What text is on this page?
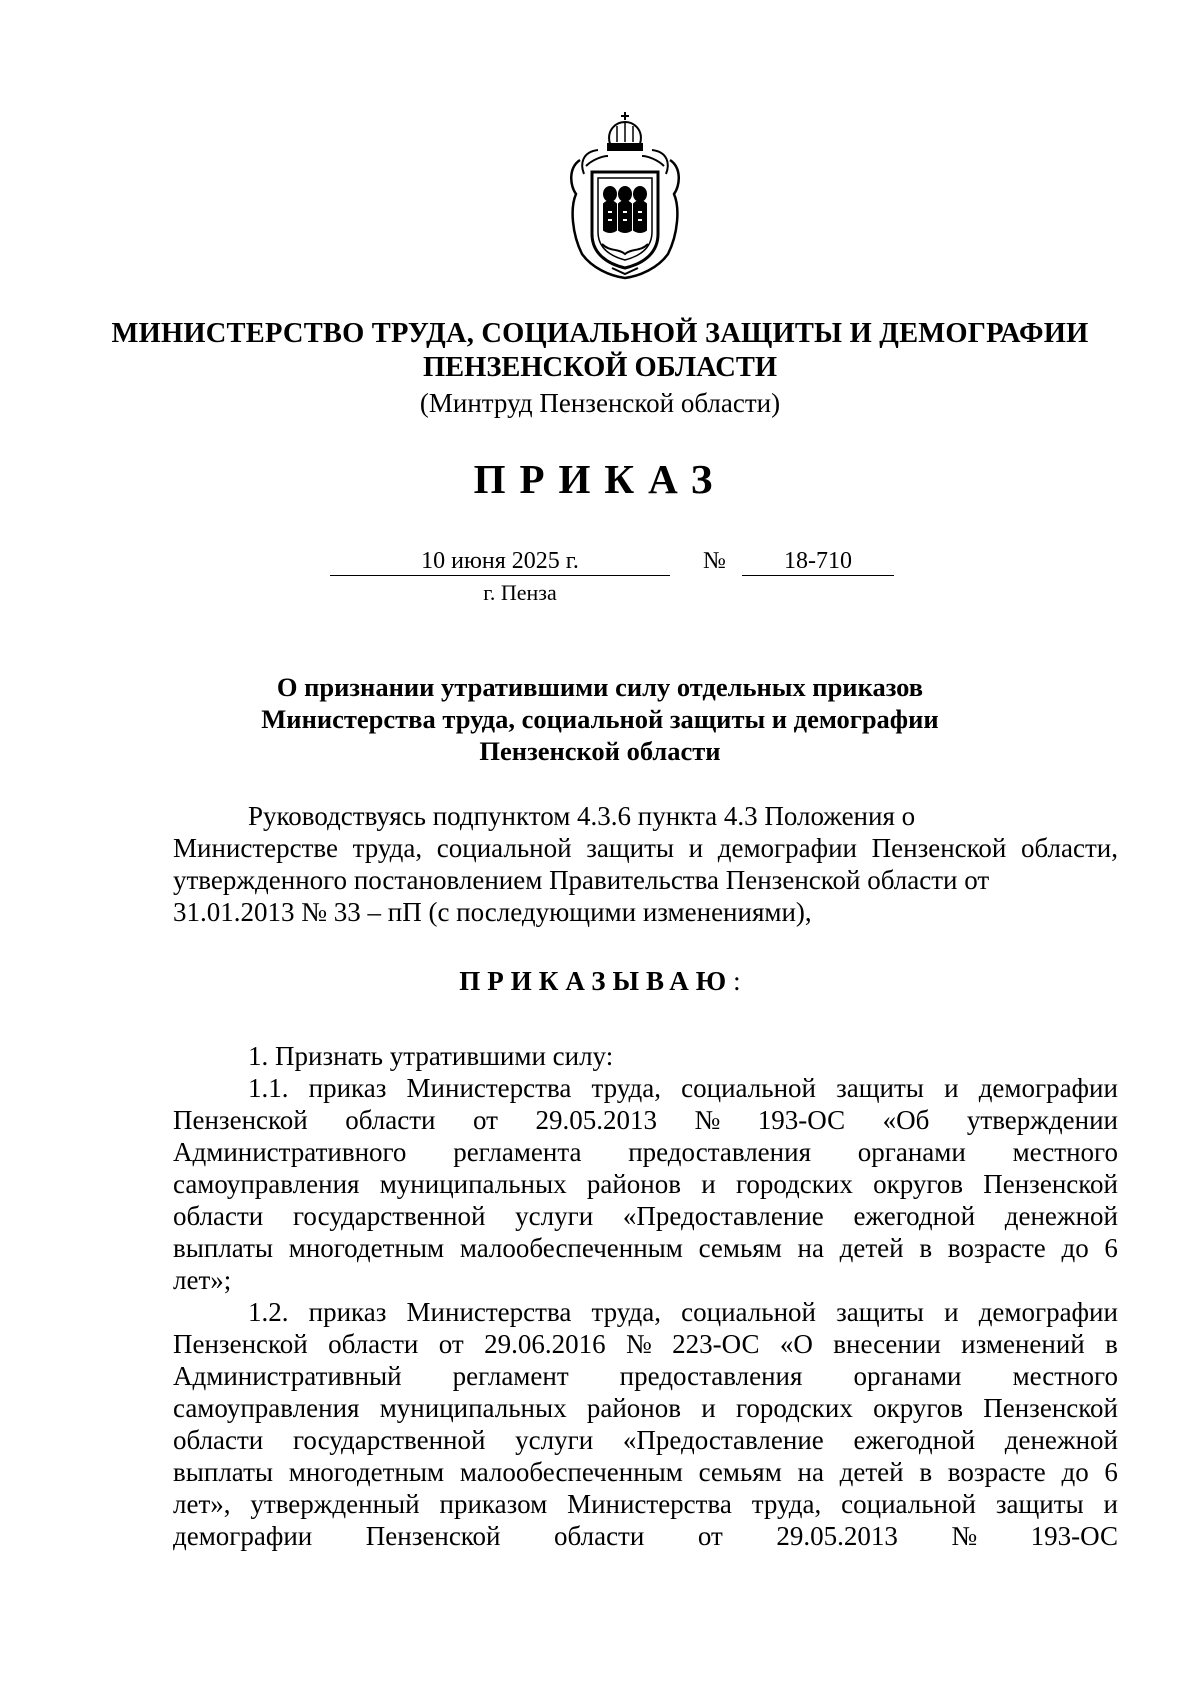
МИНИСТЕРСТВО ТРУДА, СОЦИАЛЬНОЙ ЗАЩИТЫ И ДЕМОГРАФИИ
ПЕНЗЕНСКОЙ ОБЛАСТИ
(Минтруд Пензенской области)
ПРИКАЗ
10 июня 2025 г.	№	18-710
г. Пенза
О признании утратившими силу отдельных приказов
Министерства труда, социальной защиты и демографии
Пензенской области
Руководствуясь подпунктом 4.3.6 пункта 4.3 Положения о
Министерстве труда, социальной защиты и демографии Пензенской области,
утвержденного постановлением Правительства Пензенской области от
31.01.2013 № 33 – пП (с последующими изменениями),
ПРИКАЗЫВАЮ:
1. Признать утратившими силу:
1.1. приказ Министерства труда, социальной защиты и демографии
Пензенской области от 29.05.2013 № 193-ОС «Об утверждении
Административного регламента предоставления органами местного
самоуправления муниципальных районов и городских округов Пензенской
области государственной услуги «Предоставление ежегодной денежной
выплаты многодетным малообеспеченным семьям на детей в возрасте до 6
лет»;
1.2. приказ Министерства труда, социальной защиты и демографии
Пензенской области от 29.06.2016 № 223-ОС «О внесении изменений в
Административный регламент предоставления органами местного
самоуправления муниципальных районов и городских округов Пензенской
области государственной услуги «Предоставление ежегодной денежной
выплаты многодетным малообеспеченным семьям на детей в возрасте до 6
лет», утвержденный приказом Министерства труда, социальной защиты и
демографии Пензенской области от 29.05.2013 № 193-ОС
